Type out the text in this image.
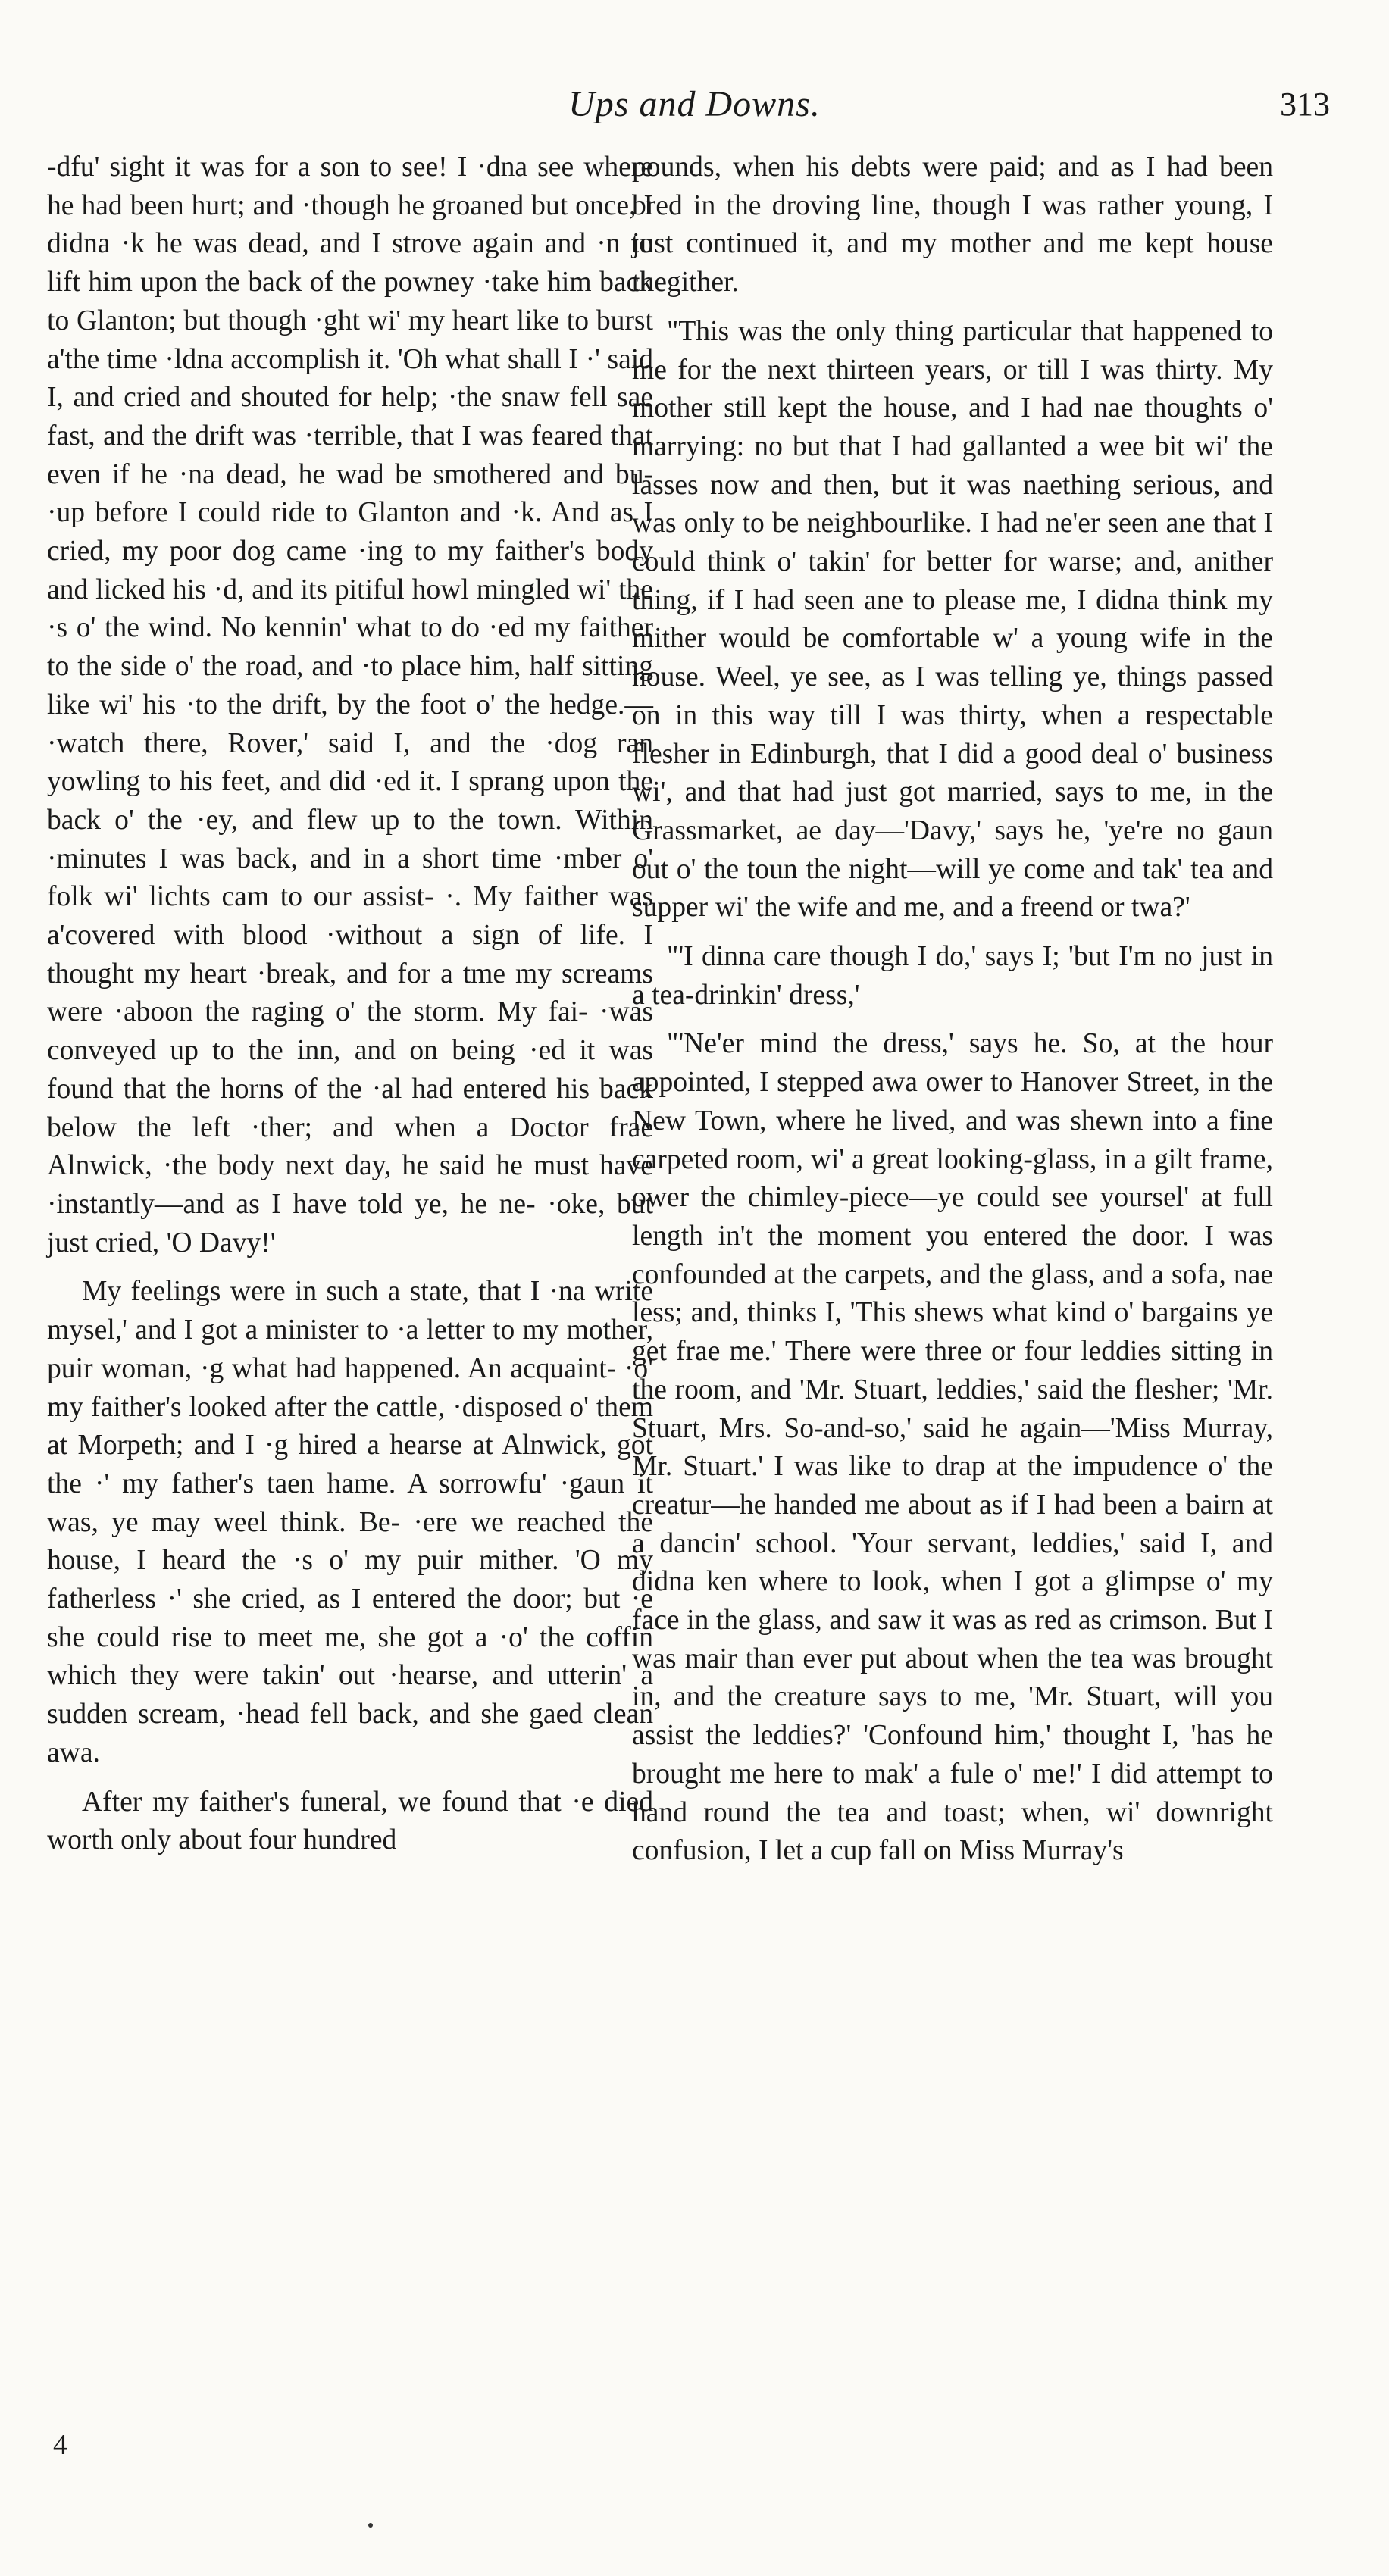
Ups and Downs.	313

-dfu' sight it was for a son to see! I ·dna see where he had been hurt; and ·though he groaned but once, I didna ·k he was dead, and I strove again and ·n to lift him upon the back of the powney ·take him back to Glanton; but though ·ght wi' my heart like to burst a'the time ·ldna accomplish it. 'Oh what shall I ·' said I, and cried and shouted for help; ·the snaw fell sae fast, and the drift was ·terrible, that I was feared that even if he ·na dead, he wad be smothered and bu- ·up before I could ride to Glanton and ·k. And as I cried, my poor dog came ·ing to my faither's body and licked his ·d, and its pitiful howl mingled wi' the ·s o' the wind. No kennin' what to do ·ed my faither to the side o' the road, and ·to place him, half sitting like wi' his ·to the drift, by the foot o' the hedge.— ·watch there, Rover,' said I, and the ·dog ran yowling to his feet, and did ·ed it. I sprang upon the back o' the ·ey, and flew up to the town. Within ·minutes I was back, and in a short time ·mber o' folk wi' lichts cam to our assist- ·. My faither was a'covered with blood ·without a sign of life. I thought my heart ·break, and for a tme my screams were ·aboon the raging o' the storm. My fai- ·was conveyed up to the inn, and on being ·ed it was found that the horns of the ·al had entered his back below the left ·ther; and when a Doctor frae Alnwick, ·the body next day, he said he must have ·instantly—and as I have told ye, he ne- ·oke, but just cried, 'O Davy!'

My feelings were in such a state, that I ·na write mysel,' and I got a minister to ·a letter to my mother, puir woman, ·g what had happened. An acquaint- ·o' my faither's looked after the cattle, ·disposed o' them at Morpeth; and I ·g hired a hearse at Alnwick, got the ·' my father's taen hame. A sorrowfu' ·gaun it was, ye may weel think. Be- ·ere we reached the house, I heard the ·s o' my puir mither. 'O my fatherless ·' she cried, as I entered the door; but ·e she could rise to meet me, she got a ·o' the coffin which they were takin' out ·hearse, and utterin' a sudden scream, ·head fell back, and she gaed clean awa.

After my faither's funeral, we found that ·e died worth only about four hundred

pounds, when his debts were paid; and as I had been bred in the droving line, though I was rather young, I just continued it, and my mother and me kept house thegither.

"This was the only thing particular that happened to me for the next thirteen years, or till I was thirty. My mother still kept the house, and I had nae thoughts o' marrying: no but that I had gallanted a wee bit wi' the lasses now and then, but it was naething serious, and was only to be neighbourlike. I had ne'er seen ane that I could think o' takin' for better for warse; and, anither thing, if I had seen ane to please me, I didna think my mither would be comfortable w' a young wife in the house. Weel, ye see, as I was telling ye, things passed on in this way till I was thirty, when a respectable flesher in Edinburgh, that I did a good deal o' business wi', and that had just got married, says to me, in the Grassmarket, ae day—'Davy,' says he, 'ye're no gaun out o' the toun the night—will ye come and tak' tea and supper wi' the wife and me, and a freend or twa?'

"'I dinna care though I do,' says I; 'but I'm no just in a tea-drinkin' dress,'

"'Ne'er mind the dress,' says he. So, at the hour appointed, I stepped awa ower to Hanover Street, in the New Town, where he lived, and was shewn into a fine carpeted room, wi' a great looking-glass, in a gilt frame, ower the chimley-piece—ye could see yoursel' at full length in't the moment you entered the door. I was confounded at the carpets, and the glass, and a sofa, nae less; and, thinks I, 'This shews what kind o' bargains ye get frae me.' There were three or four leddies sitting in the room, and 'Mr. Stuart, leddies,' said the flesher; 'Mr. Stuart, Mrs. So-and-so,' said he again—'Miss Murray, Mr. Stuart.' I was like to drap at the impudence o' the creatur—he handed me about as if I had been a bairn at a dancin' school. 'Your servant, leddies,' said I, and didna ken where to look, when I got a glimpse o' my face in the glass, and saw it was as red as crimson. But I was mair than ever put about when the tea was brought in, and the creature says to me, 'Mr. Stuart, will you assist the leddies?' 'Confound him,' thought I, 'has he brought me here to mak' a fule o' me!' I did attempt to hand round the tea and toast; when, wi' downright confusion, I let a cup fall on Miss Murray's

4
